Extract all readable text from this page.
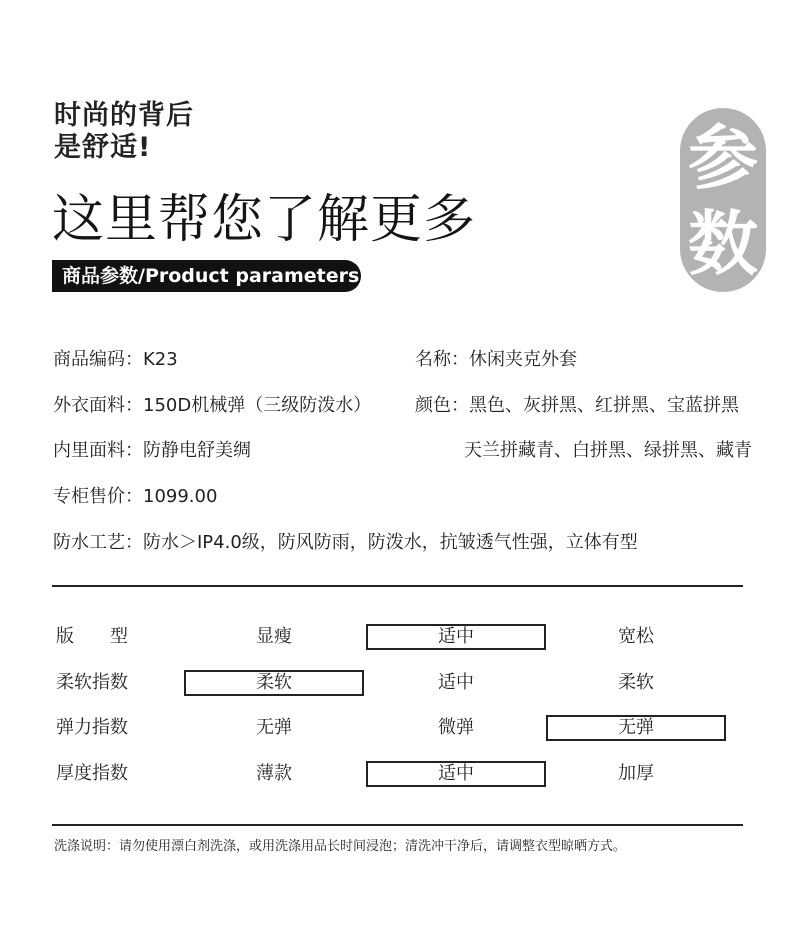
时尚的背后
是舒适!	参
数
这里帮您了解更多
商品参数/Product parameters
商品编码：K23	名称：休闲夹克外套
外衣面料：150D机械弹（三级防泼水） 颜色：黑色、灰拼黑、红拼黑、宝蓝拼黑
内里面料：防静电舒美绸	天兰拼藏青、白拼黑、绿拼黑、藏青
专柜售价：1099.00
防水工艺：防水＞IP4.0级，防风防雨，防泼水，抗皱透气性强，立体有型
版　　型	显瘦	适中	宽松
柔软指数	柔软	适中	柔软
弹力指数	无弹	微弹	无弹
厚度指数	薄款	适中	加厚
洗涤说明：请勿使用漂白剂洗涤，或用洗涤用品长时间浸泡；清洗冲干净后，请调整衣型晾晒方式。
